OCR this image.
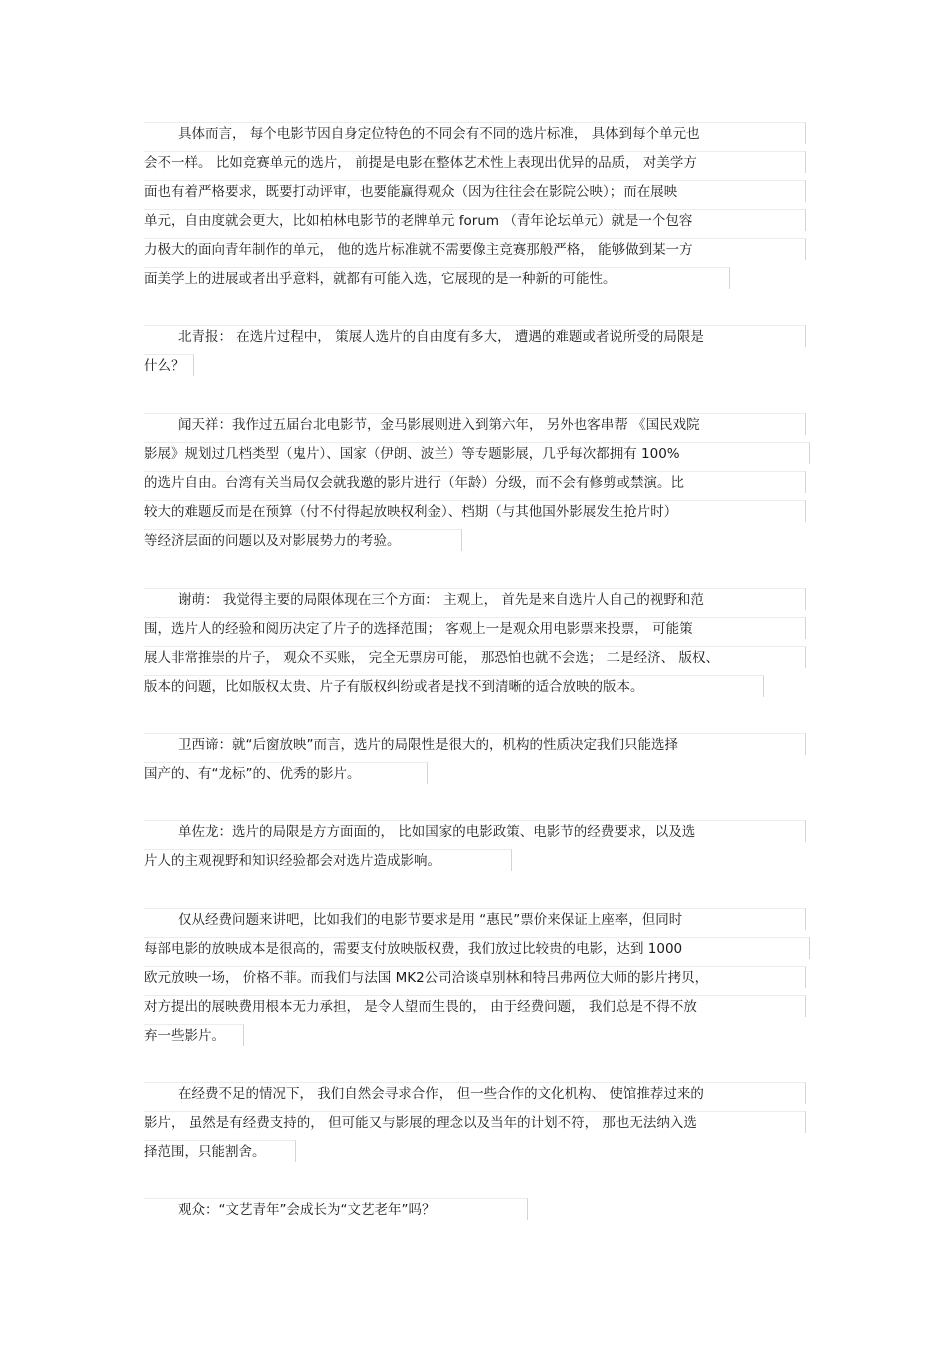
具体而言， 每个电影节因自身定位特色的不同会有不同的选片标准， 具体到每个单元也
会不一样。 比如竞赛单元的选片， 前提是电影在整体艺术性上表现出优异的品质， 对美学方
面也有着严格要求，既要打动评审，也要能赢得观众（因为往往会在影院公映）；而在展映
单元，自由度就会更大，比如柏林电影节的老牌单元 forum （青年论坛单元）就是一个包容
力极大的面向青年制作的单元， 他的选片标准就不需要像主竞赛那般严格， 能够做到某一方
面美学上的进展或者出乎意料，就都有可能入选，它展现的是一种新的可能性。
北青报： 在选片过程中， 策展人选片的自由度有多大， 遭遇的难题或者说所受的局限是
什么？
闻天祥：我作过五届台北电影节，金马影展则进入到第六年， 另外也客串帮 《国民戏院
影展》规划过几档类型（鬼片）、国家（伊朗、波兰）等专题影展，几乎每次都拥有 100%
的选片自由。台湾有关当局仅会就我邀的影片进行（年龄）分级，而不会有修剪或禁演。比
较大的难题反而是在预算（付不付得起放映权利金）、档期（与其他国外影展发生抢片时）
等经济层面的问题以及对影展势力的考验。
谢萌： 我觉得主要的局限体现在三个方面： 主观上， 首先是来自选片人自己的视野和范
围，选片人的经验和阅历决定了片子的选择范围； 客观上一是观众用电影票来投票， 可能策
展人非常推崇的片子， 观众不买账， 完全无票房可能， 那恐怕也就不会选； 二是经济、 版权、
版本的问题，比如版权太贵、片子有版权纠纷或者是找不到清晰的适合放映的版本。
卫西谛：就“后窗放映”而言，选片的局限性是很大的，机构的性质决定我们只能选择
国产的、有“龙标”的、优秀的影片。
单佐龙：选片的局限是方方面面的， 比如国家的电影政策、电影节的经费要求，以及选
片人的主观视野和知识经验都会对选片造成影响。
仅从经费问题来讲吧，比如我们的电影节要求是用 “惠民”票价来保证上座率，但同时
每部电影的放映成本是很高的，需要支付放映版权费，我们放过比较贵的电影，达到 1000
欧元放映一场， 价格不菲。而我们与法国 MK2公司洽谈卓别林和特吕弗两位大师的影片拷贝，
对方提出的展映费用根本无力承担， 是令人望而生畏的， 由于经费问题， 我们总是不得不放
弃一些影片。
在经费不足的情况下， 我们自然会寻求合作， 但一些合作的文化机构、 使馆推荐过来的
影片， 虽然是有经费支持的， 但可能又与影展的理念以及当年的计划不符， 那也无法纳入选
择范围，只能割舍。
观众：“文艺青年”会成长为“文艺老年”吗？
